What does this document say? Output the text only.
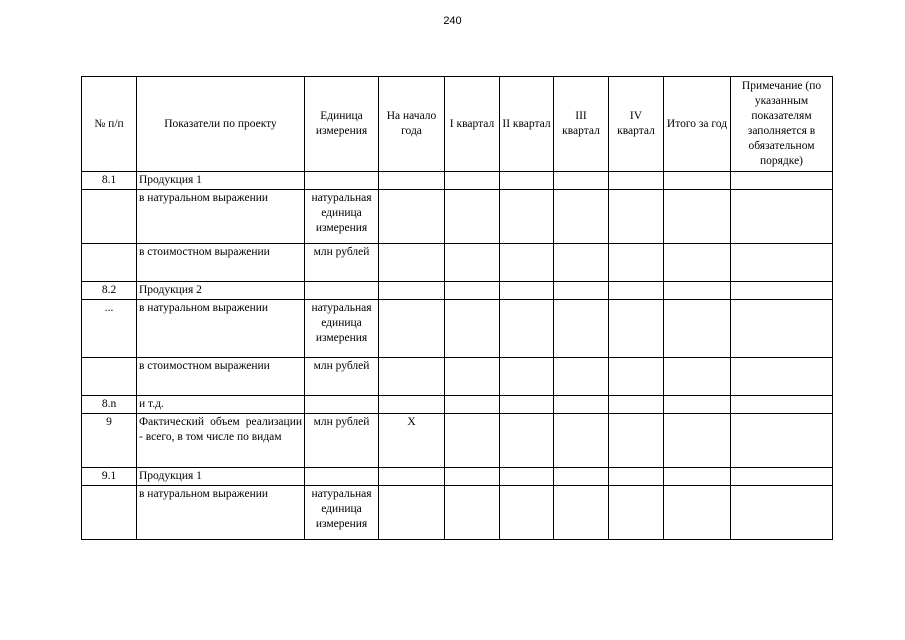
240
№ п/п	Показатели по проекту	Единица измерения	На начало года	I квартал	II квартал	III квартал	IV квартал	Итого за год	Примечание (по указанным показателям заполняется в обязательном порядке)
8.1	Продукция 1								
	в натуральном выражении	натуральная единица измерения							
	в стоимостном выражении	млн рублей							
8.2	Продукция 2								
...	в натуральном выражении	натуральная единица измерения							
	в стоимостном выражении	млн рублей							
8.n	и т.д.								
9	Фактический объем реализации - всего, в том числе по видам	млн рублей	X						
9.1	Продукция 1								
	в натуральном выражении	натуральная единица измерения							
